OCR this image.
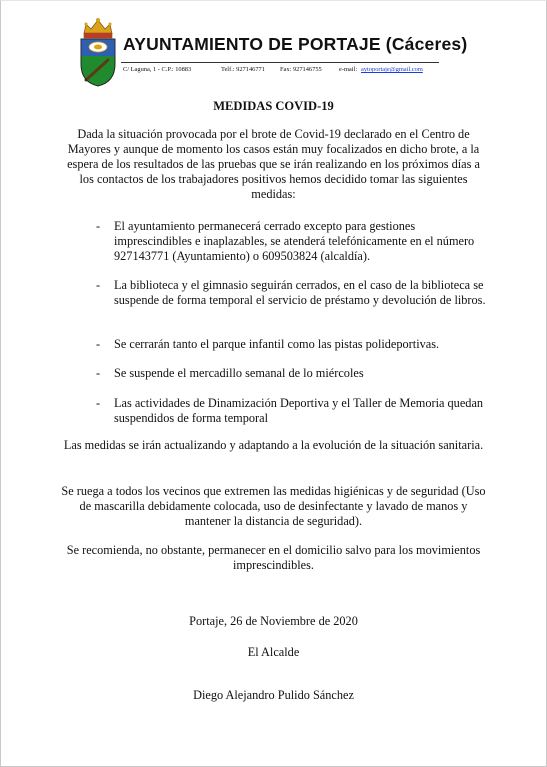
AYUNTAMIENTO DE PORTAJE (Cáceres)
C/ Laguna, 1 - C.P.: 10883	Telf.: 927146771 Fax: 927146755	e-mail: aytoportaje@gmail.com
MEDIDAS COVID-19
Dada la situación provocada por el brote de Covid-19 declarado en el Centro de Mayores y aunque de momento los casos están muy focalizados en dicho brote, a la espera de los resultados de las pruebas que se irán realizando en los próximos días a los contactos de los trabajadores positivos hemos decidido tomar las siguientes medidas:
- El ayuntamiento permanecerá cerrado excepto para gestiones imprescindibles e inaplazables, se atenderá telefónicamente en el número 927143771 (Ayuntamiento) o 609503824 (alcaldía).
- La biblioteca y el gimnasio seguirán cerrados, en el caso de la biblioteca se suspende de forma temporal el servicio de préstamo y devolución de libros.
- Se cerrarán tanto el parque infantil como las pistas polideportivas.
- Se suspende el mercadillo semanal de lo miércoles
- Las actividades de Dinamización Deportiva y el Taller de Memoria quedan suspendidos de forma temporal
Las medidas se irán actualizando y adaptando a la evolución de la situación sanitaria.
Se ruega a todos los vecinos que extremen las medidas higiénicas y de seguridad (Uso de mascarilla debidamente colocada, uso de desinfectante y lavado de manos y mantener la distancia de seguridad).
Se recomienda, no obstante, permanecer en el domicilio salvo para los movimientos imprescindibles.
Portaje, 26 de Noviembre de 2020
El Alcalde
Diego Alejandro Pulido Sánchez
